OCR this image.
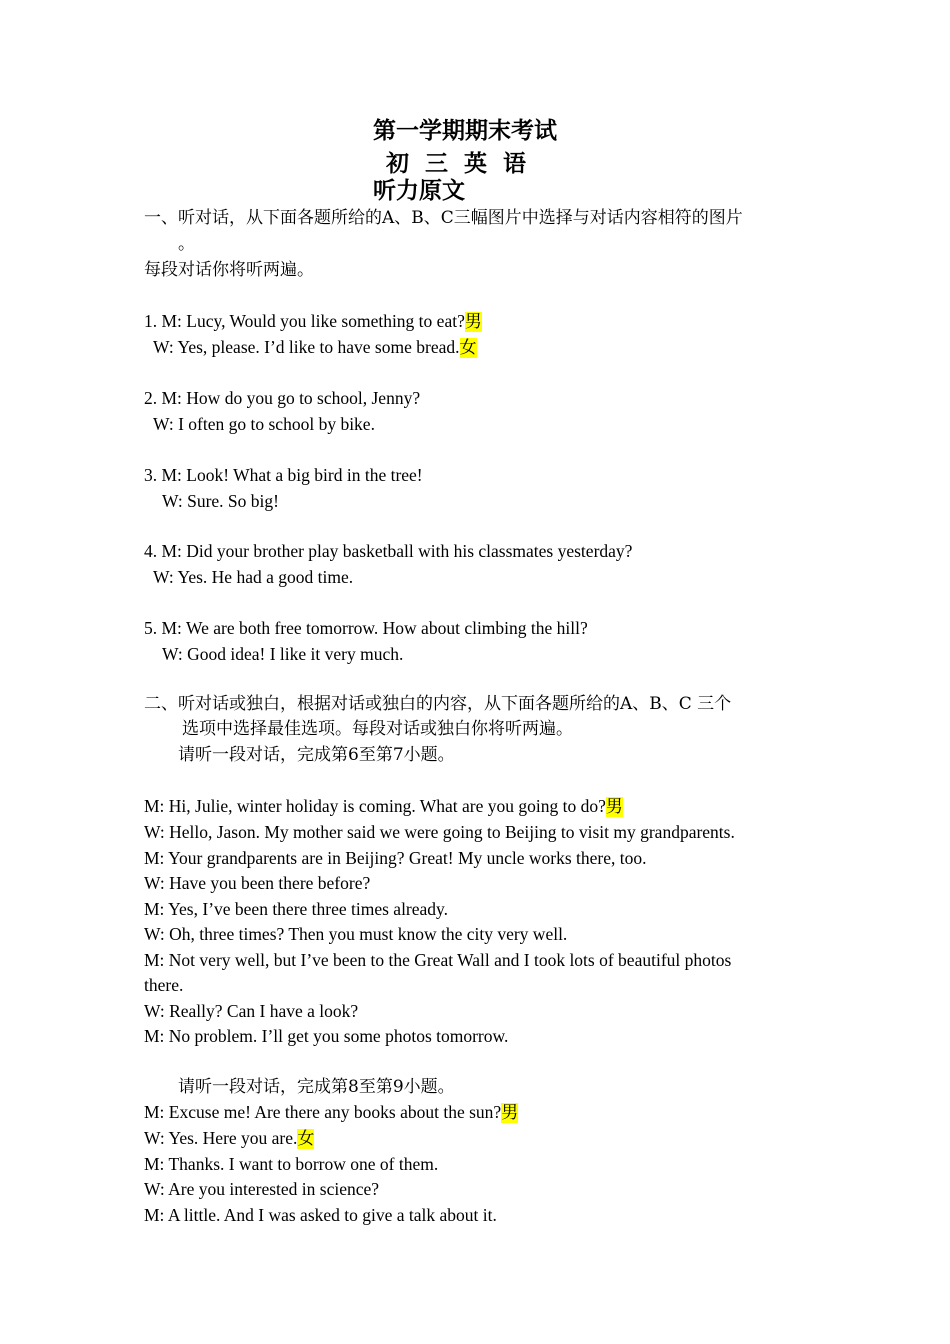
第一学期期末考试
初  三  英  语
听力原文
一、听对话，从下面各题所给的A、B、C三幅图片中选择与对话内容相符的图片
。
每段对话你将听两遍。
1. M: Lucy, Would you like something to eat?男
W: Yes, please. I’d like to have some bread.女
2. M: How do you go to school, Jenny?
W: I often go to school by bike.
3. M: Look! What a big bird in the tree!
W: Sure. So big!
4. M: Did your brother play basketball with his classmates yesterday?
W: Yes. He had a good time.
5. M: We are both free tomorrow. How about climbing the hill?
W: Good idea! I like it very much.
二、听对话或独白，根据对话或独白的内容，从下面各题所给的A、B、C 三个
选项中选择最佳选项。每段对话或独白你将听两遍。
请听一段对话，完成第6至第7小题。
M: Hi, Julie, winter holiday is coming. What are you going to do?男
W: Hello, Jason. My mother said we were going to Beijing to visit my grandparents.
M: Your grandparents are in Beijing? Great! My uncle works there, too.
W: Have you been there before?
M: Yes, I’ve been there three times already.
W: Oh, three times? Then you must know the city very well.
M: Not very well, but I’ve been to the Great Wall and I took lots of beautiful photos
there.
W: Really? Can I have a look?
M: No problem. I’ll get you some photos tomorrow.
请听一段对话，完成第8至第9小题。
M: Excuse me! Are there any books about the sun?男
W: Yes. Here you are.女
M: Thanks. I want to borrow one of them.
W: Are you interested in science?
M: A little. And I was asked to give a talk about it.
